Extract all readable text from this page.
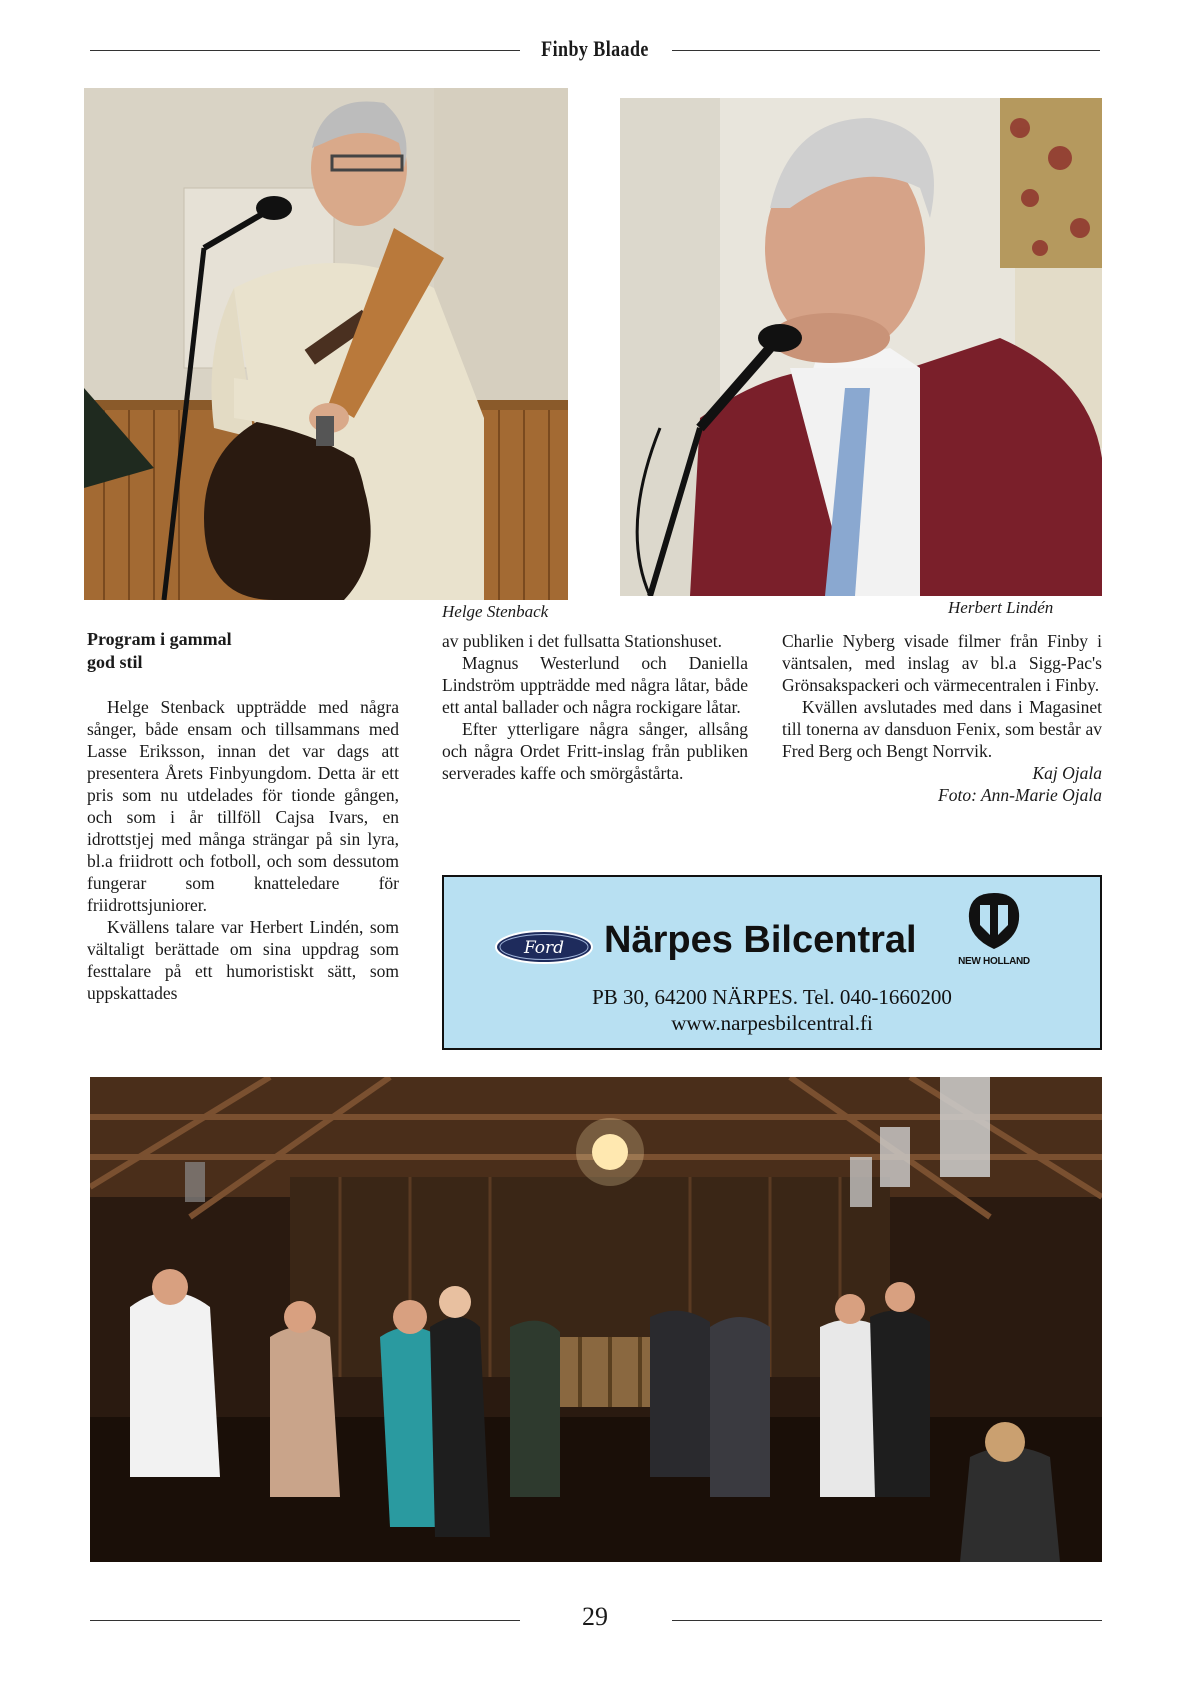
Finby Blaade
Helge Stenback	Herbert Lindén
Program i gammal
god stil

Helge Stenback uppträdde med några sånger, både ensam och tillsammans med Lasse Eriksson, innan det var dags att presentera Årets Finbyungdom. Detta är ett pris som nu utdelades för tionde gången, och som i år tillföll Cajsa Ivars, en idrottstjej med många strängar på sin lyra, bl.a friidrott och fotboll, och som dessutom fungerar som knatteledare för friidrottsjuniorer.

Kvällens talare var Herbert Lindén, som vältaligt berättade om sina uppdrag som festtalare på ett humoristiskt sätt, som uppskattades

av publiken i det fullsatta Stationshuset.

Magnus Westerlund och Daniella Lindström uppträdde med några låtar, både ett antal ballader och några rockigare låtar.

Efter ytterligare några sånger, allsång och några Ordet Fritt-inslag från publiken serverades kaffe och smörgåstårta.

Charlie Nyberg visade filmer från Finby i väntsalen, med inslag av bl.a Sigg-Pac's Grönsakspackeri och värmecentralen i Finby.

Kvällen avslutades med dans i Magasinet till tonerna av dansduon Fenix, som består av Fred Berg och Bengt Norrvik.

Kaj Ojala
Foto: Ann-Marie Ojala
Ford Närpes Bilcentral
NEW HOLLAND
PB 30, 64200 NÄRPES. Tel. 040-1660200
www.narpesbilcentral.fi
29
